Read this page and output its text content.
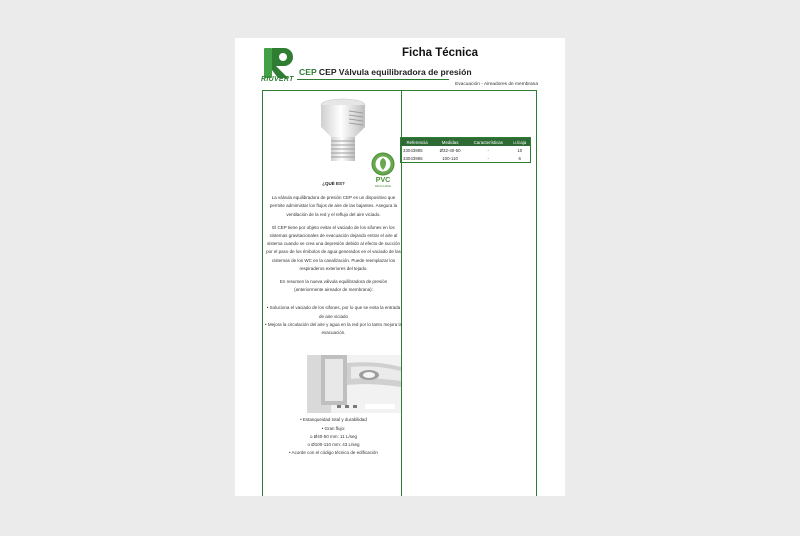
RIUVERT
Ficha Técnica
CEP CEP Válvula equilibradora de presión
Evacuación - Aireadores de membrana
PVC
RECICLABLE
Referencia	Medidas	Características	u./caja
33043985	Ø32-40-50	-	10
33043986	100-110	-	6

¿QUÉ ES?

La válvula equilibradora de presión CEP es un dispositivo que permite admimistar los flujos de aire de las bajantes. Asegura la ventilación de la red y el reflujo del aire viciado.

El CEP tiene por objeto evitar el vaciado de los sifones en los sistemas gravitacionales de evacuación dejando entrar el aire al sistema cuando se crea una depresión debido al efecto de succión por el paso de los émbolos de agua generados en el vaciado de las cisternas de los WC en la canalización. Puede reemplazar los respiraderos exteriores del tejado.

En resumen la nueva válvula equilibradora de presión (anteriormente aireador de membrana):

• Soluciona el vaciado de los sifones, por lo que se evita la entrada de aire viciado

• Mejora la circulación del aire y agua en la red por lo tanto mejora la evacuación.

• Estanqueidad total y durabilidad

• Gran flujo:

o Ø40-50 mm: 11 L/seg

o Ø100-110 mm: 43 L/seg

• Acorde con el código técnico de edificación
